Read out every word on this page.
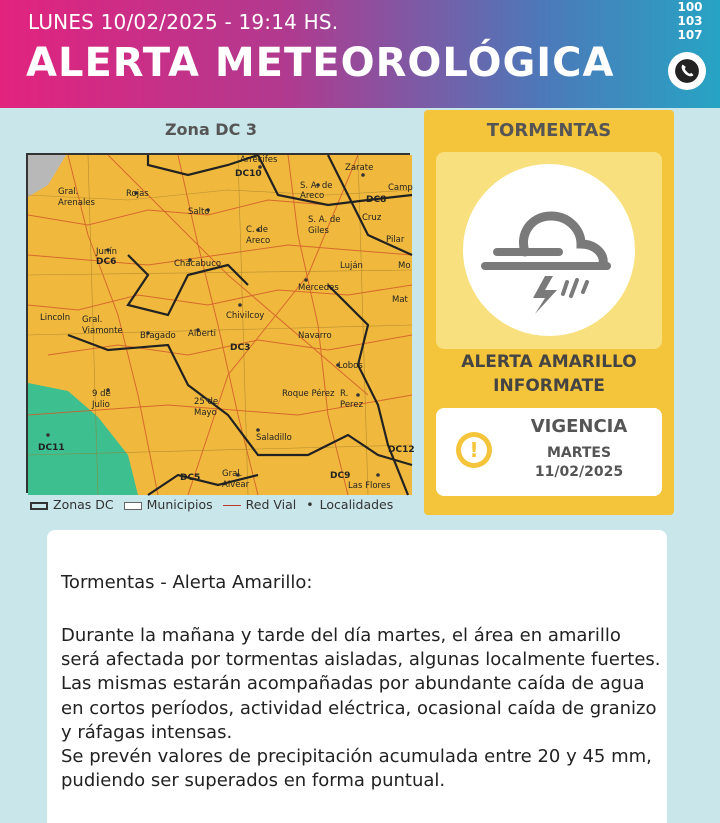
LUNES 10/02/2025 - 19:14 HS.
ALERTA METEOROLÓGICA
100
103
107
Zona DC 3
Arrecifes
DC10
Zarate
Camp
S. A. de Areco	DC8
Gral. Arenales
Rojas
Salto
S. A. de Giles
Cruz
Pilar
C. de Areco
Luján	Mo
Junín
DC6	Chacabuco
Mercedes
Mat
Lincoln	Chivilcoy
Gral. Viamonte Bragado Alberti
DC3
Navarro
Lobos
9 de Julio	25 de Mayo
Roque Pérez R. Perez
DC11
Saladillo
DC12
DC5	Gral. Alvear
DC9
Las Flores
Zonas DC	Municipios	Red Vial • Localidades
TORMENTAS
ALERTA AMARILLO
INFORMATE
!
VIGENCIA
MARTES
11/02/2025
Tormentas - Alerta Amarillo:

Durante la mañana y tarde del día martes, el área en amarillo será afectada por tormentas aisladas, algunas localmente fuertes. Las mismas estarán acompañadas por abundante caída de agua en cortos períodos, actividad eléctrica, ocasional caída de granizo y ráfagas intensas.

Se prevén valores de precipitación acumulada entre 20 y 45 mm, pudiendo ser superados en forma puntual.
